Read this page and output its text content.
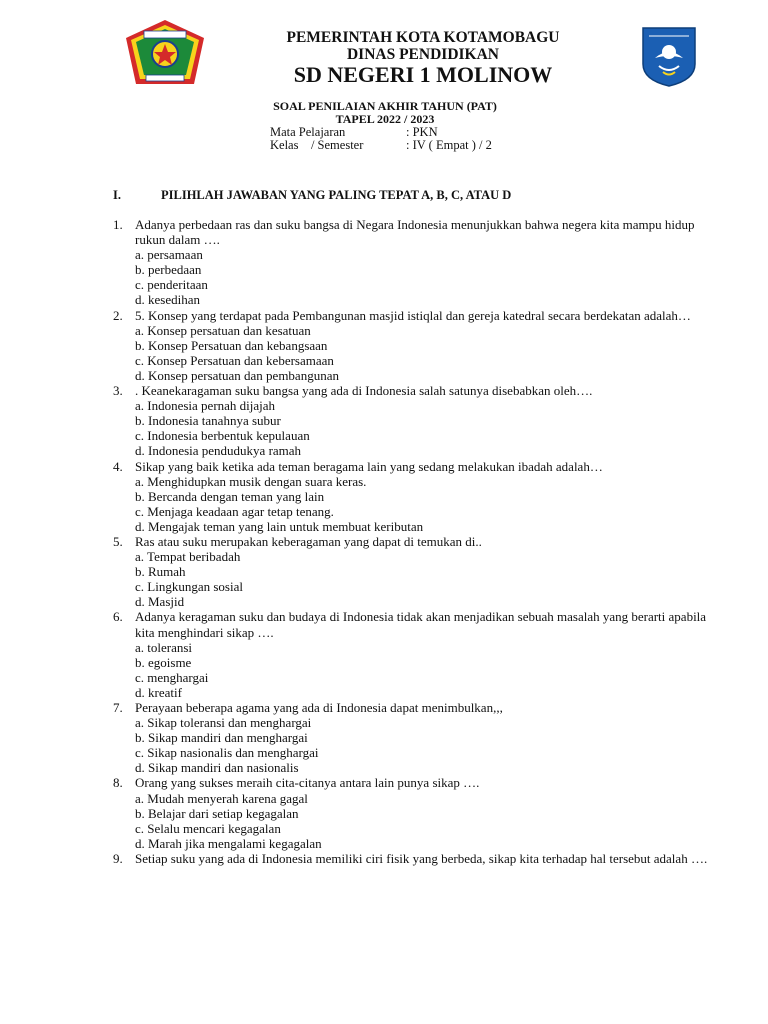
PEMERINTAH KOTA KOTAMOBAGU
DINAS PENDIDIKAN
SD NEGERI 1 MOLINOW
SOAL PENILAIAN AKHIR TAHUN (PAT)
TAPEL 2022 / 2023
Mata Pelajaran	: PKN
Kelas    / Semester	: IV ( Empat ) / 2
I.	PILIHLAH JAWABAN YANG PALING TEPAT A, B, C, ATAU D
1. Adanya perbedaan ras dan suku bangsa di Negara Indonesia menunjukkan bahwa negera kita mampu hidup rukun dalam ….
a. persamaan
b. perbedaan
c. penderitaan
d. kesedihan
2. 5. Konsep yang terdapat pada Pembangunan masjid istiqlal dan gereja katedral secara berdekatan adalah…
a. Konsep persatuan dan kesatuan
b. Konsep Persatuan dan kebangsaan
c. Konsep Persatuan dan kebersamaan
d. Konsep persatuan dan pembangunan
3. . Keanekaragaman suku bangsa yang ada di Indonesia salah satunya disebabkan oleh….
a. Indonesia pernah dijajah
b. Indonesia tanahnya subur
c. Indonesia berbentuk kepulauan
d. Indonesia pendudukya ramah
4. Sikap yang baik ketika ada teman beragama lain yang sedang melakukan ibadah adalah…
a. Menghidupkan musik dengan suara keras.
b. Bercanda dengan teman yang lain
c. Menjaga keadaan agar tetap tenang.
d. Mengajak teman yang lain untuk membuat keributan
5. Ras atau suku merupakan keberagaman yang dapat di temukan di..
a. Tempat beribadah
b. Rumah
c. Lingkungan sosial
d. Masjid
6. Adanya keragaman suku dan budaya di Indonesia tidak akan menjadikan sebuah masalah yang berarti apabila kita menghindari sikap ….
a. toleransi
b. egoisme
c. menghargai
d. kreatif
7. Perayaan beberapa agama yang ada di Indonesia dapat menimbulkan,,,
a. Sikap toleransi dan menghargai
b. Sikap mandiri dan menghargai
c. Sikap nasionalis dan menghargai
d. Sikap mandiri dan nasionalis
8. Orang yang sukses meraih cita-citanya antara lain punya sikap ….
a. Mudah menyerah karena gagal
b. Belajar dari setiap kegagalan
c. Selalu mencari kegagalan
d. Marah jika mengalami kegagalan
9. Setiap suku yang ada di Indonesia memiliki ciri fisik yang berbeda, sikap kita terhadap hal tersebut adalah ….
